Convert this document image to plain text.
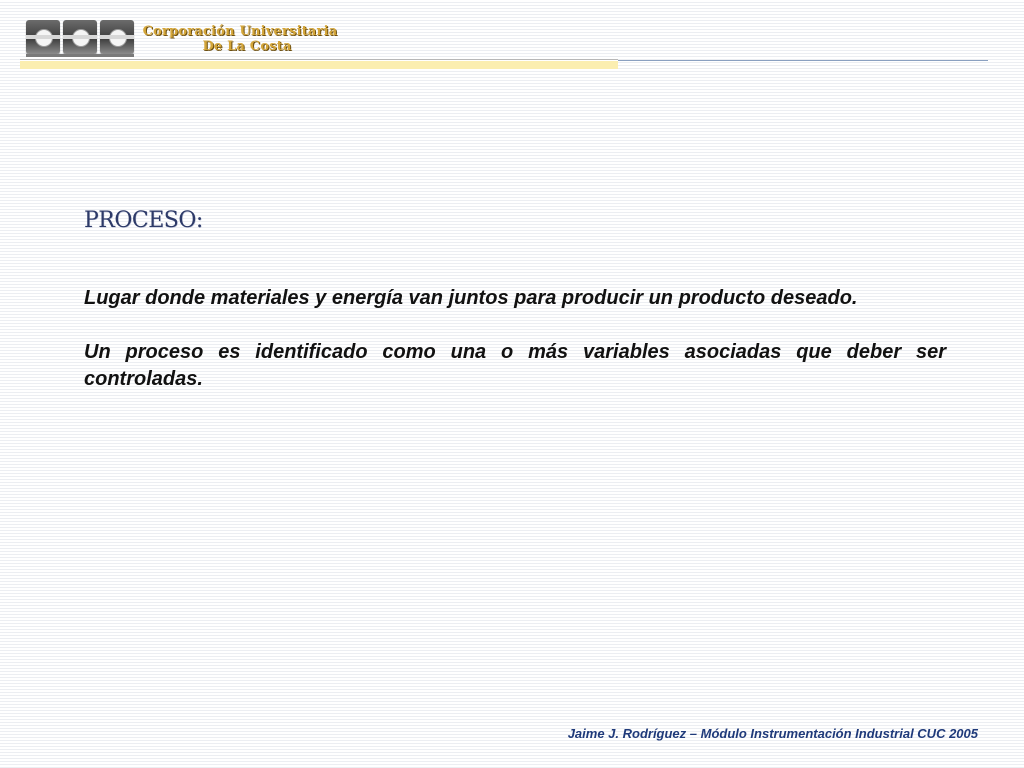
Corporación Universitaria
De La Costa
PROCESO:

Lugar donde materiales y energía van juntos para producir un producto deseado.

Un proceso es identificado como una o más variables asociadas que deber ser controladas.

Jaime J. Rodríguez – Módulo Instrumentación Industrial CUC 2005
